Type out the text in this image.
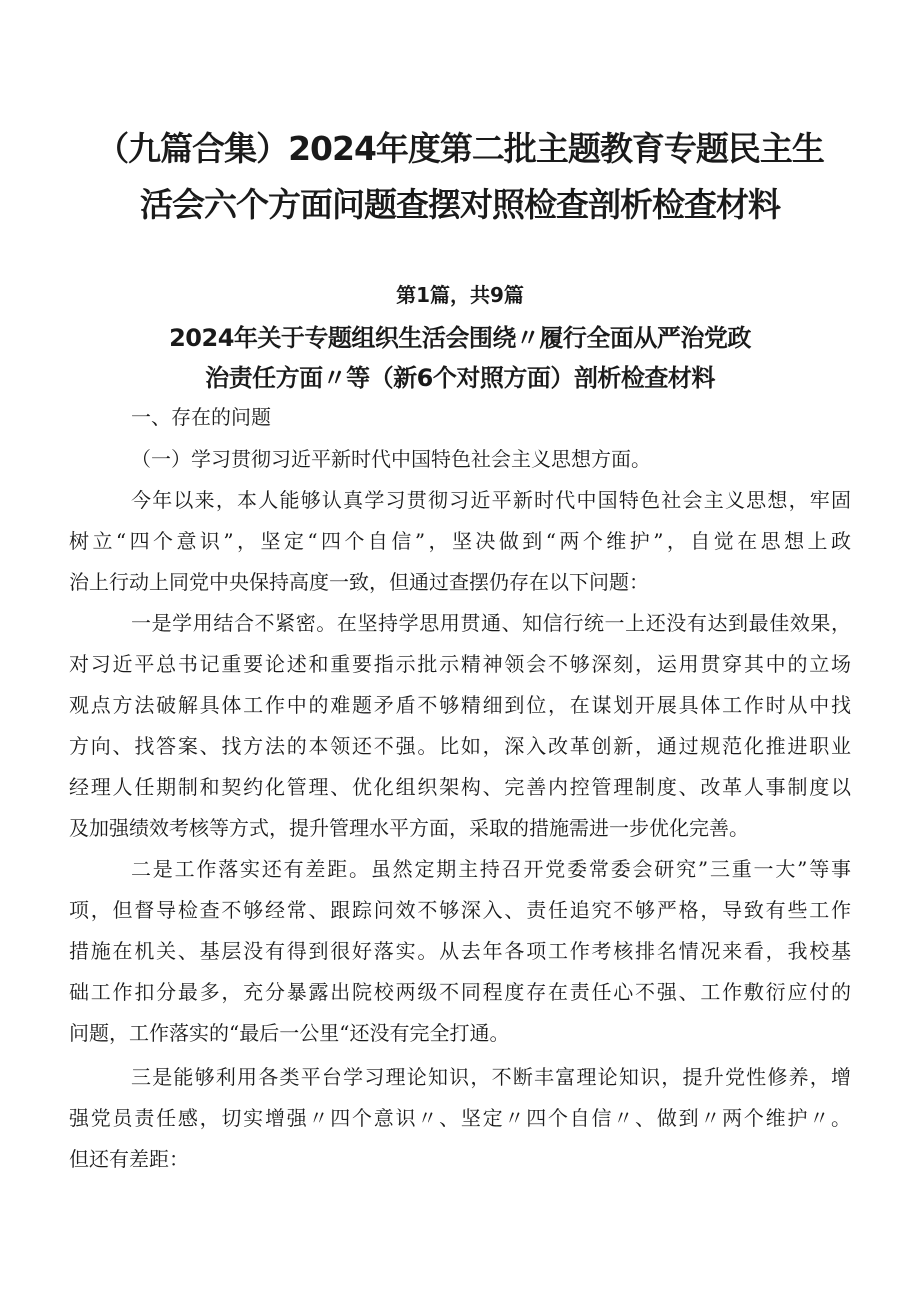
（九篇合集）2024年度第二批主题教育专题民主生
活会六个方面问题查摆对照检查剖析检查材料
第1篇，共9篇
2024年关于专题组织生活会围绕〃履行全面从严治党政
治责任方面〃等（新6个对照方面）剖析检查材料
一、存在的问题
（一）学习贯彻习近平新时代中国特色社会主义思想方面。
今年以来，本人能够认真学习贯彻习近平新时代中国特色社会主义思想，牢固
树立“四个意识”，坚定“四个自信”，坚决做到“两个维护”，自觉在思想上政
治上行动上同党中央保持高度一致，但通过查摆仍存在以下问题：
一是学用结合不紧密。在坚持学思用贯通、知信行统一上还没有达到最佳效果，
对习近平总书记重要论述和重要指示批示精神领会不够深刻，运用贯穿其中的立场
观点方法破解具体工作中的难题矛盾不够精细到位，在谋划开展具体工作时从中找
方向、找答案、找方法的本领还不强。比如，深入改革创新，通过规范化推进职业
经理人任期制和契约化管理、优化组织架构、完善内控管理制度、改革人事制度以
及加强绩效考核等方式，提升管理水平方面，采取的措施需进一步优化完善。
二是工作落实还有差距。虽然定期主持召开党委常委会研究”三重一大”等事
项，但督导检查不够经常、跟踪问效不够深入、责任追究不够严格，导致有些工作
措施在机关、基层没有得到很好落实。从去年各项工作考核排名情况来看，我校基
础工作扣分最多，充分暴露出院校两级不同程度存在责任心不强、工作敷衍应付的
问题，工作落实的“最后一公里“还没有完全打通。
三是能够利用各类平台学习理论知识，不断丰富理论知识，提升党性修养，增
强党员责任感，切实增强〃四个意识〃、坚定〃四个自信〃、做到〃两个维护〃。
但还有差距：
